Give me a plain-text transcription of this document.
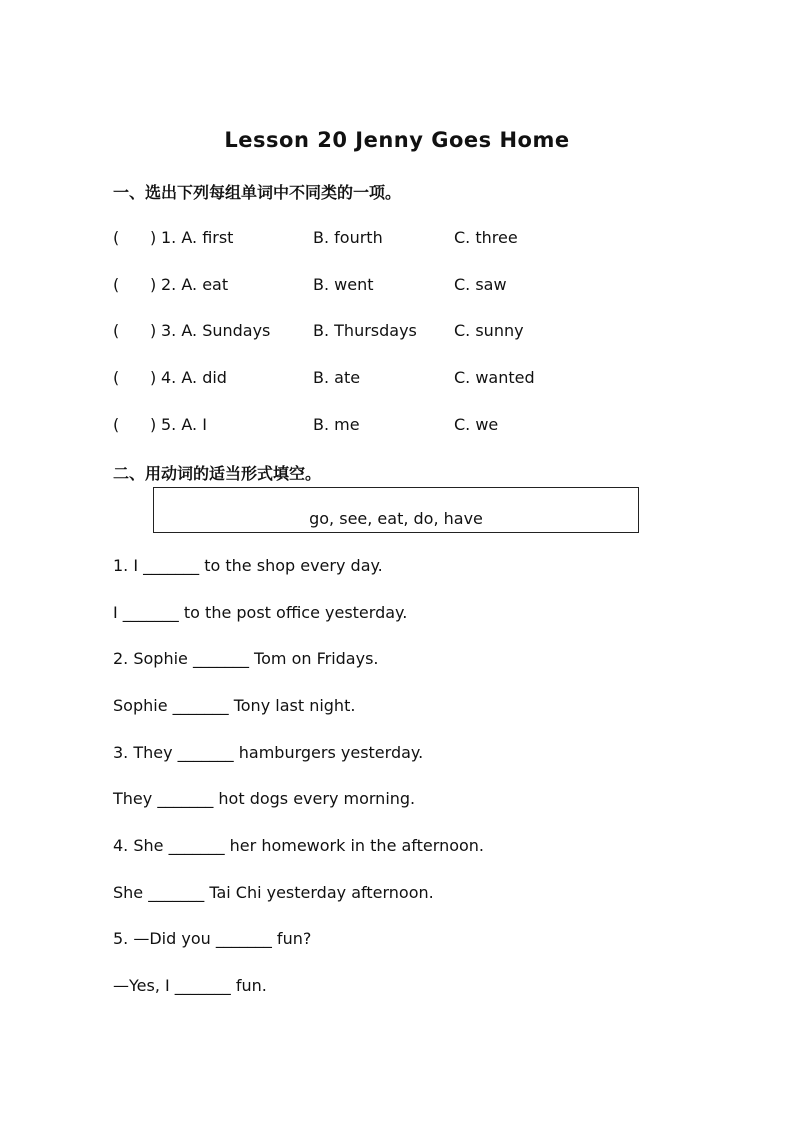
Lesson 20 Jenny Goes Home
一、选出下列每组单词中不同类的一项。
( ) 1. A. first	B. fourth	C. three
( ) 2. A. eat	B. went	C. saw
( ) 3. A. Sundays	B. Thursdays C. sunny
( ) 4. A. did	B. ate	C. wanted
( ) 5. A. I	B. me	C. we
二、用动词的适当形式填空。
go, see, eat, do, have
1. I _______ to the shop every day.
I _______ to the post office yesterday.
2. Sophie _______ Tom on Fridays.
Sophie _______ Tony last night.
3. They _______ hamburgers yesterday.
They _______ hot dogs every morning.
4. She _______ her homework in the afternoon.
She _______ Tai Chi yesterday afternoon.
5. —Did you _______ fun?
—Yes, I _______ fun.
